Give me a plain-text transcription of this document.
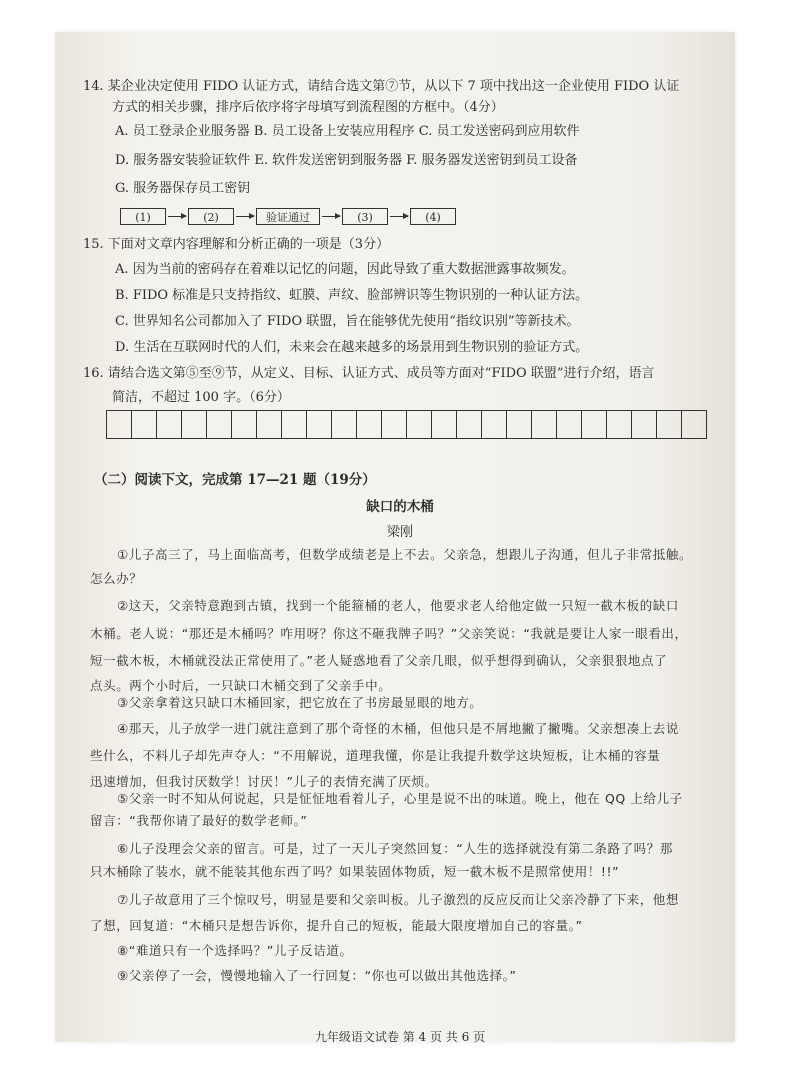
14. 某企业决定使用 FIDO 认证方式，请结合选文第⑦节，从以下 7 项中找出这一企业使用 FIDO 认证
方式的相关步骤，排序后依序将字母填写到流程图的方框中。（4分）
A. 员工登录企业服务器 B. 员工设备上安装应用程序 C. 员工发送密码到应用软件
D. 服务器安装验证软件 E. 软件发送密钥到服务器 F. 服务器发送密钥到员工设备
G. 服务器保存员工密钥
(1)	(2)	验证通过	(3)	(4)
15. 下面对文章内容理解和分析正确的一项是（3分）
A. 因为当前的密码存在着难以记忆的问题，因此导致了重大数据泄露事故频发。
B. FIDO 标准是只支持指纹、虹膜、声纹、脸部辨识等生物识别的一种认证方法。
C. 世界知名公司都加入了 FIDO 联盟，旨在能够优先使用“指纹识别”等新技术。
D. 生活在互联网时代的人们，未来会在越来越多的场景用到生物识别的验证方式。
16. 请结合选文第⑤至⑨节，从定义、目标、认证方式、成员等方面对“FIDO 联盟”进行介绍，语言
简洁，不超过 100 字。（6分）
（二）阅读下文，完成第 17—21 题（19分）
缺口的木桶
梁刚
①儿子高三了，马上面临高考，但数学成绩老是上不去。父亲急，想跟儿子沟通，但儿子非常抵触。
怎么办？
②这天，父亲特意跑到古镇，找到一个能箍桶的老人，他要求老人给他定做一只短一截木板的缺口
木桶。老人说：“那还是木桶吗？咋用呀？你这不砸我牌子吗？”父亲笑说：“我就是要让人家一眼看出，
短一截木板，木桶就没法正常使用了。”老人疑惑地看了父亲几眼，似乎想得到确认，父亲狠狠地点了
点头。两个小时后，一只缺口木桶交到了父亲手中。
③父亲拿着这只缺口木桶回家，把它放在了书房最显眼的地方。
④那天，儿子放学一进门就注意到了那个奇怪的木桶，但他只是不屑地撇了撇嘴。父亲想凑上去说
些什么，不料儿子却先声夺人：“不用解说，道理我懂，你是让我提升数学这块短板，让木桶的容量
迅速增加，但我讨厌数学！讨厌！”儿子的表情充满了厌烦。
⑤父亲一时不知从何说起，只是怔怔地看着儿子，心里是说不出的味道。晚上，他在 QQ 上给儿子
留言：“我帮你请了最好的数学老师。”
⑥儿子没理会父亲的留言。可是，过了一天儿子突然回复：“人生的选择就没有第二条路了吗？那
只木桶除了装水，就不能装其他东西了吗？如果装固体物质，短一截木板不是照常使用！!!”
⑦儿子故意用了三个惊叹号，明显是要和父亲叫板。儿子激烈的反应反而让父亲冷静了下来，他想
了想，回复道：“木桶只是想告诉你，提升自己的短板，能最大限度增加自己的容量。”
⑧“难道只有一个选择吗？”儿子反诘道。
⑨父亲停了一会，慢慢地输入了一行回复：“你也可以做出其他选择。”
九年级语文试卷 第 4 页 共 6 页
